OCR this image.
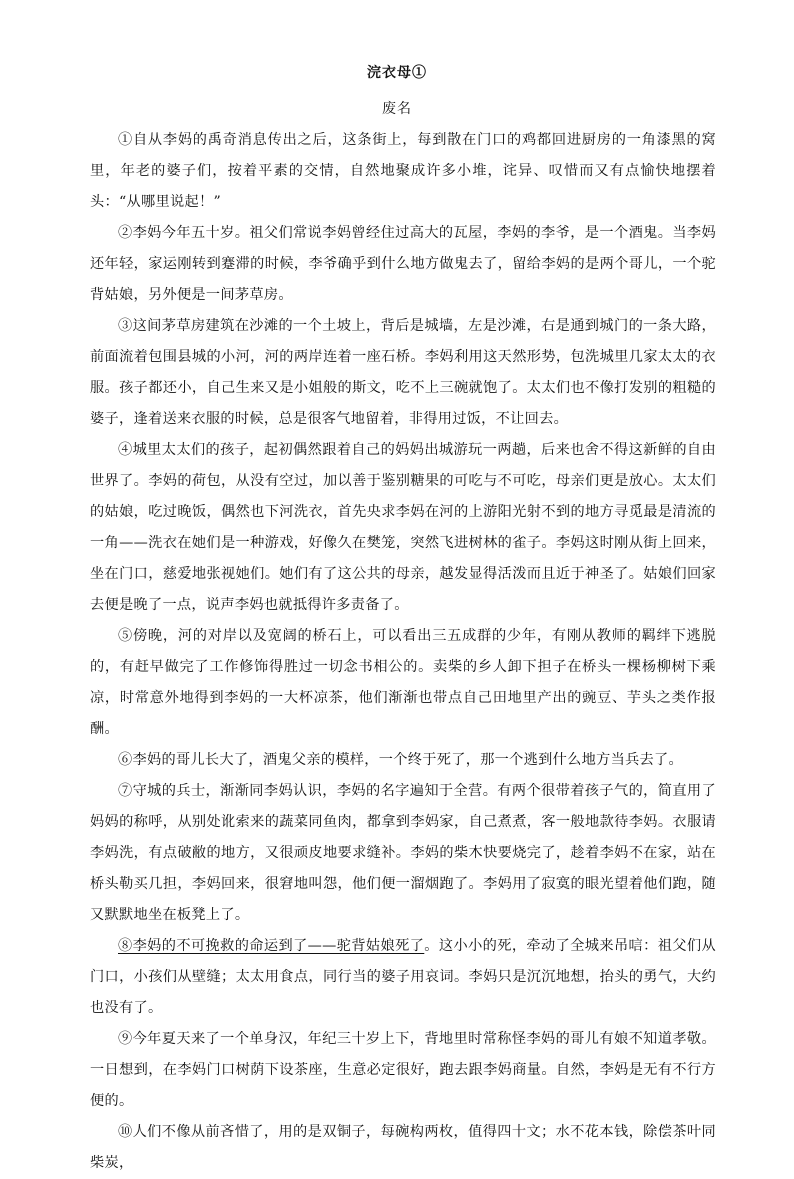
浣衣母①
废名

①自从李妈的禹奇消息传出之后，这条街上，每到散在门口的鸡都回进厨房的一角漆黑的窝里，年老的婆子们，按着平素的交情，自然地聚成许多小堆，诧异、叹惜而又有点愉快地摆着头：“从哪里说起！”

②李妈今年五十岁。祖父们常说李妈曾经住过高大的瓦屋，李妈的李爷，是一个酒鬼。当李妈还年轻，家运刚转到蹇滞的时候，李爷确乎到什么地方做鬼去了，留给李妈的是两个哥儿，一个驼背姑娘，另外便是一间茅草房。

③这间茅草房建筑在沙滩的一个土坡上，背后是城墙，左是沙滩，右是通到城门的一条大路，前面流着包围县城的小河，河的两岸连着一座石桥。李妈利用这天然形势，包洗城里几家太太的衣服。孩子都还小，自己生来又是小姐般的斯文，吃不上三碗就饱了。太太们也不像打发别的粗糙的婆子，逢着送来衣服的时候，总是很客气地留着，非得用过饭，不让回去。

④城里太太们的孩子，起初偶然跟着自己的妈妈出城游玩一两趟，后来也舍不得这新鲜的自由世界了。李妈的荷包，从没有空过，加以善于鉴别糖果的可吃与不可吃，母亲们更是放心。太太们的姑娘，吃过晚饭，偶然也下河洗衣，首先央求李妈在河的上游阳光射不到的地方寻觅最是清流的一角——洗衣在她们是一种游戏，好像久在樊笼，突然飞进树林的雀子。李妈这时刚从街上回来，坐在门口，慈爱地张视她们。她们有了这公共的母亲，越发显得活泼而且近于神圣了。姑娘们回家去便是晚了一点，说声李妈也就抵得许多责备了。

⑤傍晚，河的对岸以及宽阔的桥石上，可以看出三五成群的少年，有刚从教师的羁绊下逃脱的，有赶早做完了工作修饰得胜过一切念书相公的。卖柴的乡人卸下担子在桥头一棵杨柳树下乘凉，时常意外地得到李妈的一大杯凉茶，他们渐渐也带点自己田地里产出的豌豆、芋头之类作报酬。

⑥李妈的哥儿长大了，酒鬼父亲的模样，一个终于死了，那一个逃到什么地方当兵去了。

⑦守城的兵士，渐渐同李妈认识，李妈的名字遍知于全营。有两个很带着孩子气的，简直用了妈妈的称呼，从别处讹索来的蔬菜同鱼肉，都拿到李妈家，自己煮煮，客一般地款待李妈。衣服请李妈洗，有点破敝的地方，又很顽皮地要求缝补。李妈的柴木快要烧完了，趁着李妈不在家，站在桥头勒买几担，李妈回来，很窘地叫怨，他们便一溜烟跑了。李妈用了寂寞的眼光望着他们跑，随又默默地坐在板凳上了。

⑧李妈的不可挽救的命运到了——驼背姑娘死了。这小小的死，牵动了全城来吊唁：祖父们从门口，小孩们从壁缝；太太用食点，同行当的婆子用哀词。李妈只是沉沉地想，抬头的勇气，大约也没有了。

⑨今年夏天来了一个单身汉，年纪三十岁上下，背地里时常称怪李妈的哥儿有娘不知道孝敬。一日想到，在李妈门口树荫下设茶座，生意必定很好，跑去跟李妈商量。自然，李妈是无有不行方便的。

⑩人们不像从前吝惜了，用的是双铜子，每碗构两枚，值得四十文；水不花本钱，除偿茶叶同柴炭，
